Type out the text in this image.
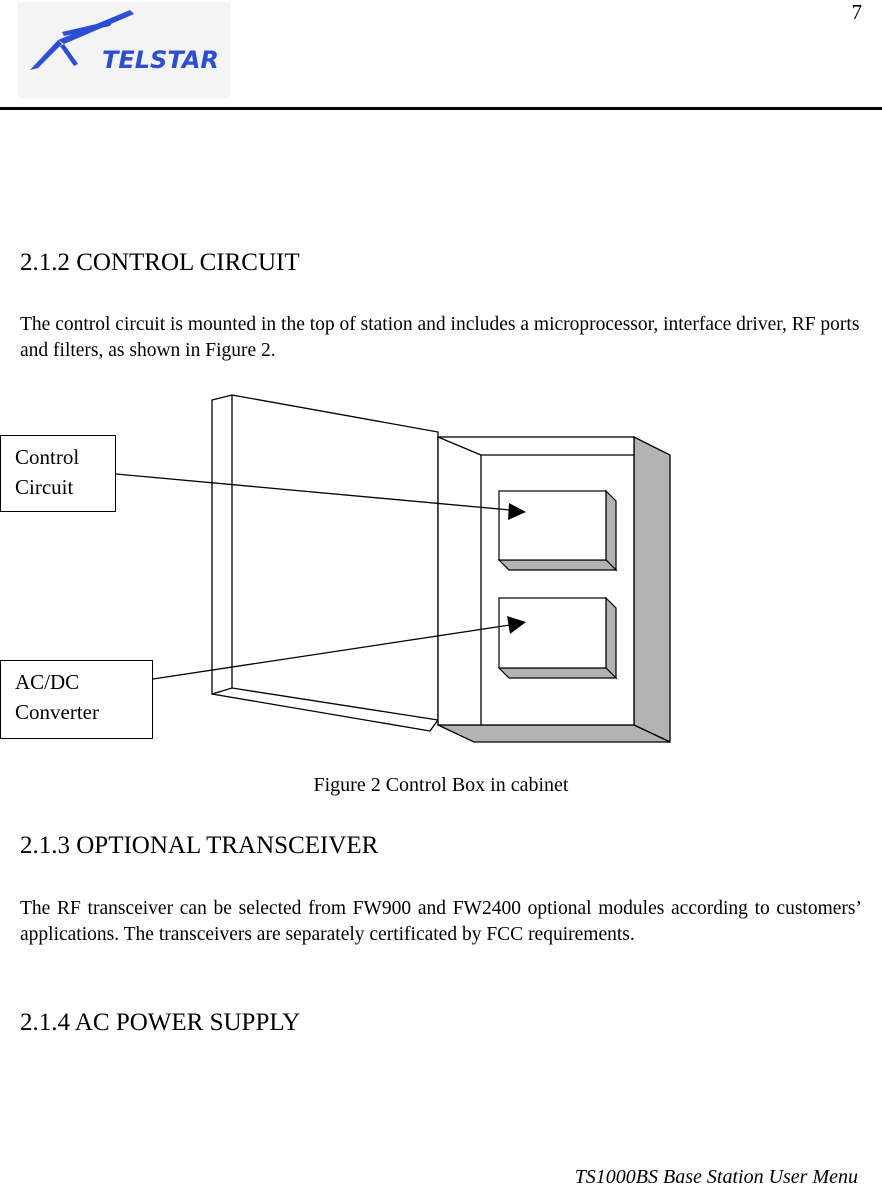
TELSTAR
7
2.1.2 CONTROL CIRCUIT
The control circuit is mounted in the top of station and includes a microprocessor, interface driver, RF ports and filters, as shown in Figure 2.
Control
Circuit
AC/DC
Converter
Figure 2 Control Box in cabinet
2.1.3 OPTIONAL TRANSCEIVER
The RF transceiver can be selected from FW900 and FW2400 optional modules according to customers’ applications. The transceivers are separately certificated by FCC requirements.
2.1.4 AC POWER SUPPLY
TS1000BS Base Station User Menu
